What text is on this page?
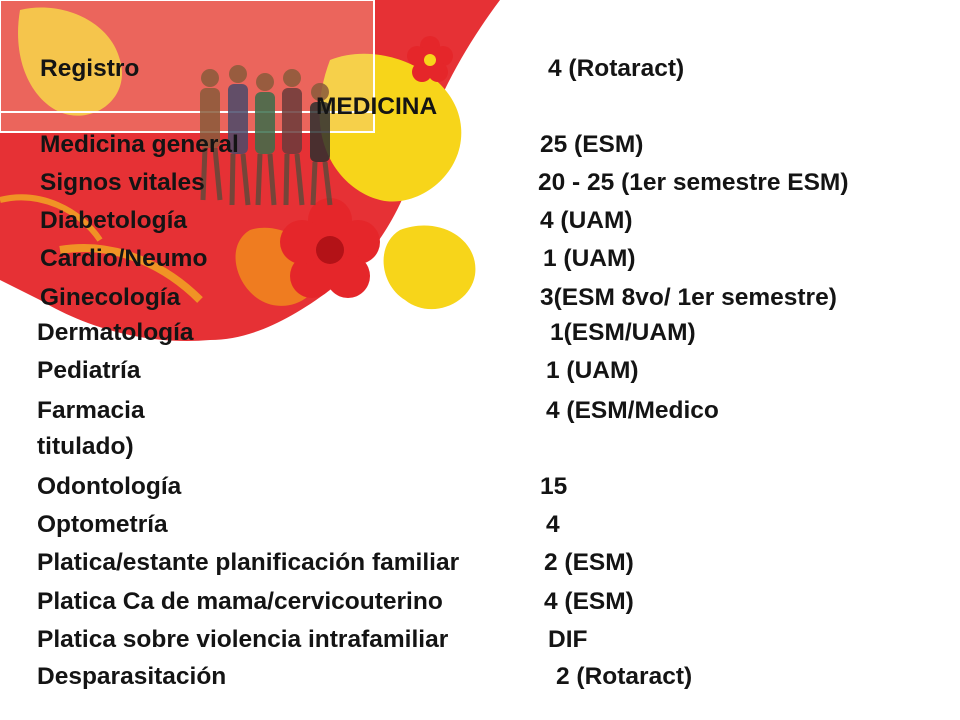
MEDICINA
Registro	4 (Rotaract)
Medicina general	25 (ESM)
Signos vitales	20 - 25 (1er semestre ESM)
Diabetología	4 (UAM)
Cardio/Neumo	1 (UAM)
Ginecología	3(ESM 8vo/ 1er semestre)
Dermatología	1(ESM/UAM)
Pediatría	1 (UAM)
Farmacia	4 (ESM/Medico
titulado)
Odontología	15
Optometría	4
Platica/estante planificación familiar	2 (ESM)
Platica Ca de mama/cervicouterino	4 (ESM)
Platica sobre violencia intrafamiliar	DIF
Desparasitación	2 (Rotaract)
